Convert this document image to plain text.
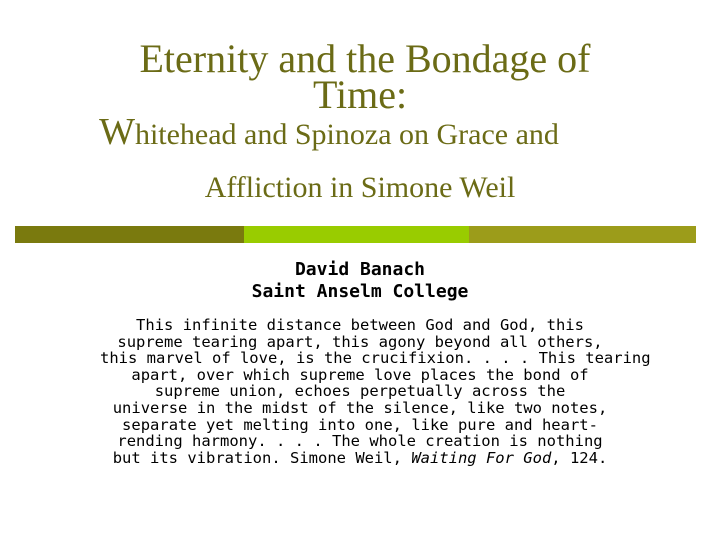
Eternity and the Bondage of
Time:
Whitehead and Spinoza on Grace and
Affliction in Simone Weil
David Banach
Saint Anselm College
This infinite distance between God and God, this
supreme tearing apart, this agony beyond all others,
this marvel of love, is the crucifixion. . . . This tearing
apart, over which supreme love places the bond of
supreme union, echoes perpetually across the
universe in the midst of the silence, like two notes,
separate yet melting into one, like pure and heart-
rending harmony. . . . The whole creation is nothing
but its vibration. Simone Weil, Waiting For God, 124.
